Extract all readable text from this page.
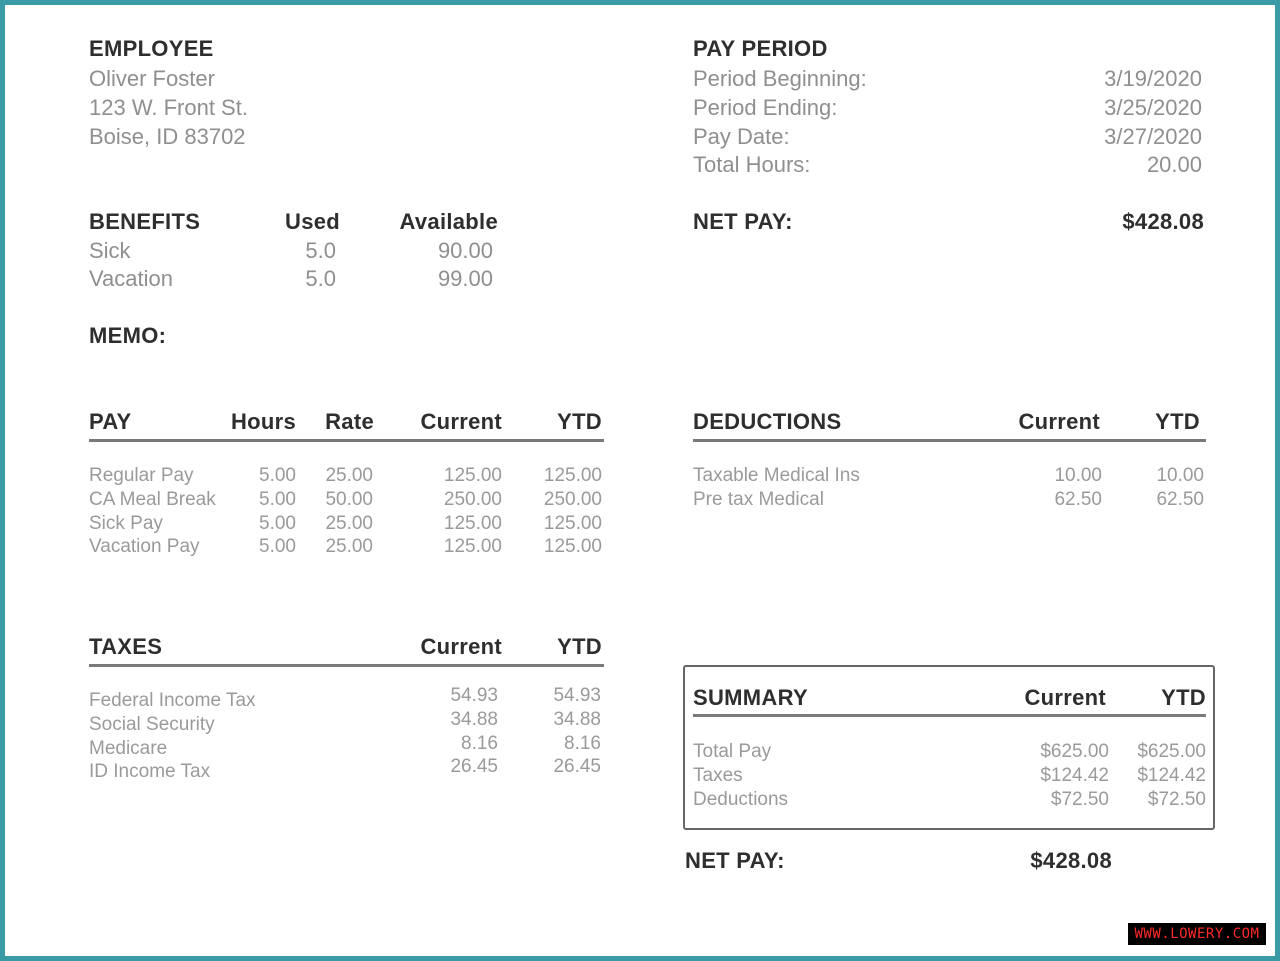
EMPLOYEE
Oliver Foster
123 W. Front St.
Boise, ID 83702
PAY PERIOD
Period Beginning:	3/19/2020
Period Ending:	3/25/2020
Pay Date:	3/27/2020
Total Hours:	20.00
NET PAY:	$428.08
BENEFITS	Used	Available
Sick	5.0	90.00
Vacation	5.0	99.00
MEMO:
PAY	Hours	Rate	Current	YTD
Regular Pay	5.00	25.00	125.00	125.00
CA Meal Break	5.00	50.00	250.00	250.00
Sick Pay	5.00	25.00	125.00	125.00
Vacation Pay	5.00	25.00	125.00	125.00
DEDUCTIONS	Current	YTD
Taxable Medical Ins	10.00	10.00
Pre tax Medical	62.50	62.50
TAXES	Current	YTD
Federal Income Tax	54.93	54.93
Social Security	34.88	34.88
Medicare	8.16	8.16
ID Income Tax	26.45	26.45
SUMMARY	Current	YTD
Total Pay	$625.00	$625.00
Taxes	$124.42	$124.42
Deductions	$72.50	$72.50
NET PAY:	$428.08
WWW.LOWERY.COM
